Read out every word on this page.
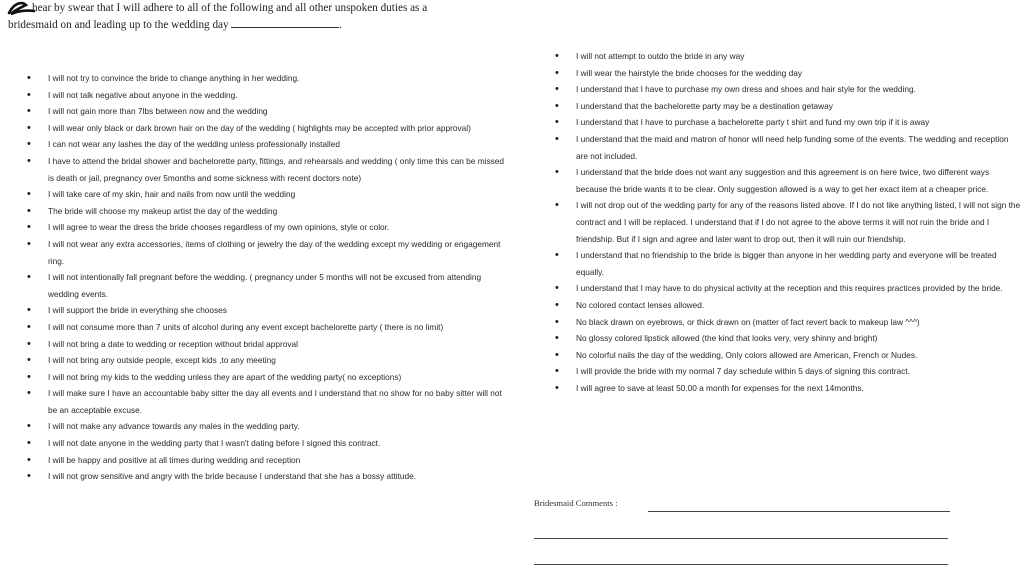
hear by swear that I will adhere to all of the following and all other unspoken duties as a
bridesmaid on and leading up to the wedding day	.
• I will not try to convince the bride to change anything in her wedding.
• I will not talk negative about anyone in the wedding.
• I will not gain more than 7lbs between now and the wedding
• I will wear only black or dark brown hair on the day of the wedding ( highlights may be accepted with prior approval)
• I can not wear any lashes the day of the wedding unless professionally installed
• I have to attend the bridal shower and bachelorette party, fittings, and rehearsals and wedding ( only time this can be missed is death or jail, pregnancy over 5months and some sickness with recent doctors note)
• I will take care of my skin, hair and nails from now until the wedding
• The bride will choose my makeup artist the day of the wedding
• I will agree to wear the dress the bride chooses regardless of my own opinions, style or color.
• I will not wear any extra accessories, items of clothing or jewelry the day of the wedding except my wedding or engagement ring.
• I will not intentionally fall pregnant before the wedding. ( pregnancy under 5 months will not be excused from attending wedding events.
• I will support the bride in everything she chooses
• I will not consume more than 7 units of alcohol during any event except bachelorette party ( there is no limit)
• I will not bring a date to wedding or reception without bridal approval
• I will not bring any outside people, except kids ,to any meeting
• I will not bring my kids to the wedding unless they are apart of the wedding party( no exceptions)
• I will make sure I have an accountable baby sitter the day all events and I understand that no show for no baby sitter will not be an acceptable excuse.
• I will not make any advance towards any males in the wedding party.
• I will not date anyone in the wedding party that I wasn't dating before I signed this contract.
• I will be happy and positive at all times during wedding and reception
• I will not grow sensitive and angry with the bride because I understand that she has a bossy attitude.
• I will not attempt to outdo the bride in any way
• I will wear the hairstyle the bride chooses for the wedding day
• I understand that I have to purchase my own dress and shoes and hair style for the wedding.
• I understand that the bachelorette party may be a destination getaway
• I understand that I have to purchase a bachelorette party t shirt and fund my own trip if it is away
• I understand that the maid and matron of honor will need help funding some of the events. The wedding and reception are not included.
• I understand that the bride does not want any suggestion and this agreement is on here twice, two different ways because the bride wants it to be clear. Only suggestion allowed is a way to get her exact item at a cheaper price.
• I will not drop out of the wedding party for any of the reasons listed above. If I do not like anything listed, I will not sign the contract and I will be replaced. I understand that if I do not agree to the above terms it will not ruin the bride and I friendship. But if I sign and agree and later want to drop out, then it will ruin our friendship.
• I understand that no friendship to the bride is bigger than anyone in her wedding party and everyone will be treated equally.
• I understand that I may have to do physical activity at the reception and this requires practices provided by the bride.
• No colored contact lenses allowed.
• No black drawn on eyebrows, or thick drawn on (matter of fact revert back to makeup law ^^^)
• No glossy colored lipstick allowed (the kind that looks very, very shinny and bright)
• No colorful nails the day of the wedding, Only colors allowed are American, French or Nudes.
• I will provide the bride with my normal 7 day schedule within 5 days of signing this contract.
• I will agree to save at least 50.00 a month for expenses for the next 14months.
Bridesmaid Comments :
